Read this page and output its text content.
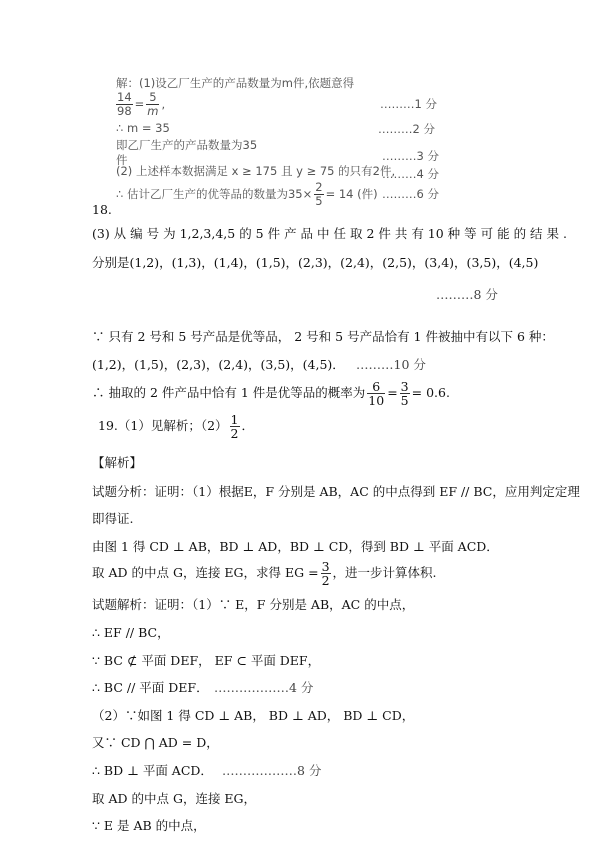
解：(1)设乙厂生产的产品数量为m件,依题意得
$\frac{14}{98} = \frac{5}{m}$ ,	………1 分
∴ m = 35	………2 分
即乙厂生产的产品数量为35
件	………3 分
(2) 上述样本数据满足 x ≥ 175 且 y ≥ 75 的只有2件,
………4 分
∴ 估计乙厂生产的优等品的数量为$35\times \frac{2}{5} = 14$ (件) ………6 分
18.
(3) 从 编 号 为 1,2,3,4,5 的 5 件 产 品 中 任 取 2 件 共 有 10 种 等 可 能 的 结 果 .
分别是(1,2)，(1,3)，(1,4)，(1,5)，(2,3)，(2,4)，(2,5)，(3,4)，(3,5)，(4,5)
………8 分
∵ 只有 2 号和 5 号产品是优等品， 2 号和 5 号产品恰有 1 件被抽中有以下 6 种：
(1,2)，(1,5)，(2,3)，(2,4)，(3,5)，(4,5)． ………10 分
∴ 抽取的 2 件产品中恰有 1 件是优等品的概率为 $\frac{6}{10} = \frac{3}{5} = 0.6$.
19.（1）见解析；$(2) \frac{1}{2}$ ．
【解析】
试题分析：证明：（1）根据E，F 分别是 AB，AC 的中点得到 EF // BC，应用判定定理
即得证.
由图 1 得 CD ⊥ AB，BD ⊥ AD，BD ⊥ CD，得到 BD ⊥ 平面 ACD．
取 AD 的中点 G，连接 EG，求得 EG = $\frac{3}{2}$ ，进一步计算体积.
试题解析：证明：（1）∵ E，F 分别是 AB，AC 的中点，
∴ EF // BC，
∵ BC ⊄ 平面 DEF， EF ⊂ 平面 DEF，
∴ BC // 平面 DEF． ………………4 分
（2）∵如图 1 得 CD ⊥ AB， BD ⊥ AD， BD ⊥ CD，
又∵ CD ⋂ AD = D，
∴ BD ⊥ 平面 ACD． ………………8 分
取 AD 的中点 G，连接 EG，
∵ E 是 AB 的中点，
